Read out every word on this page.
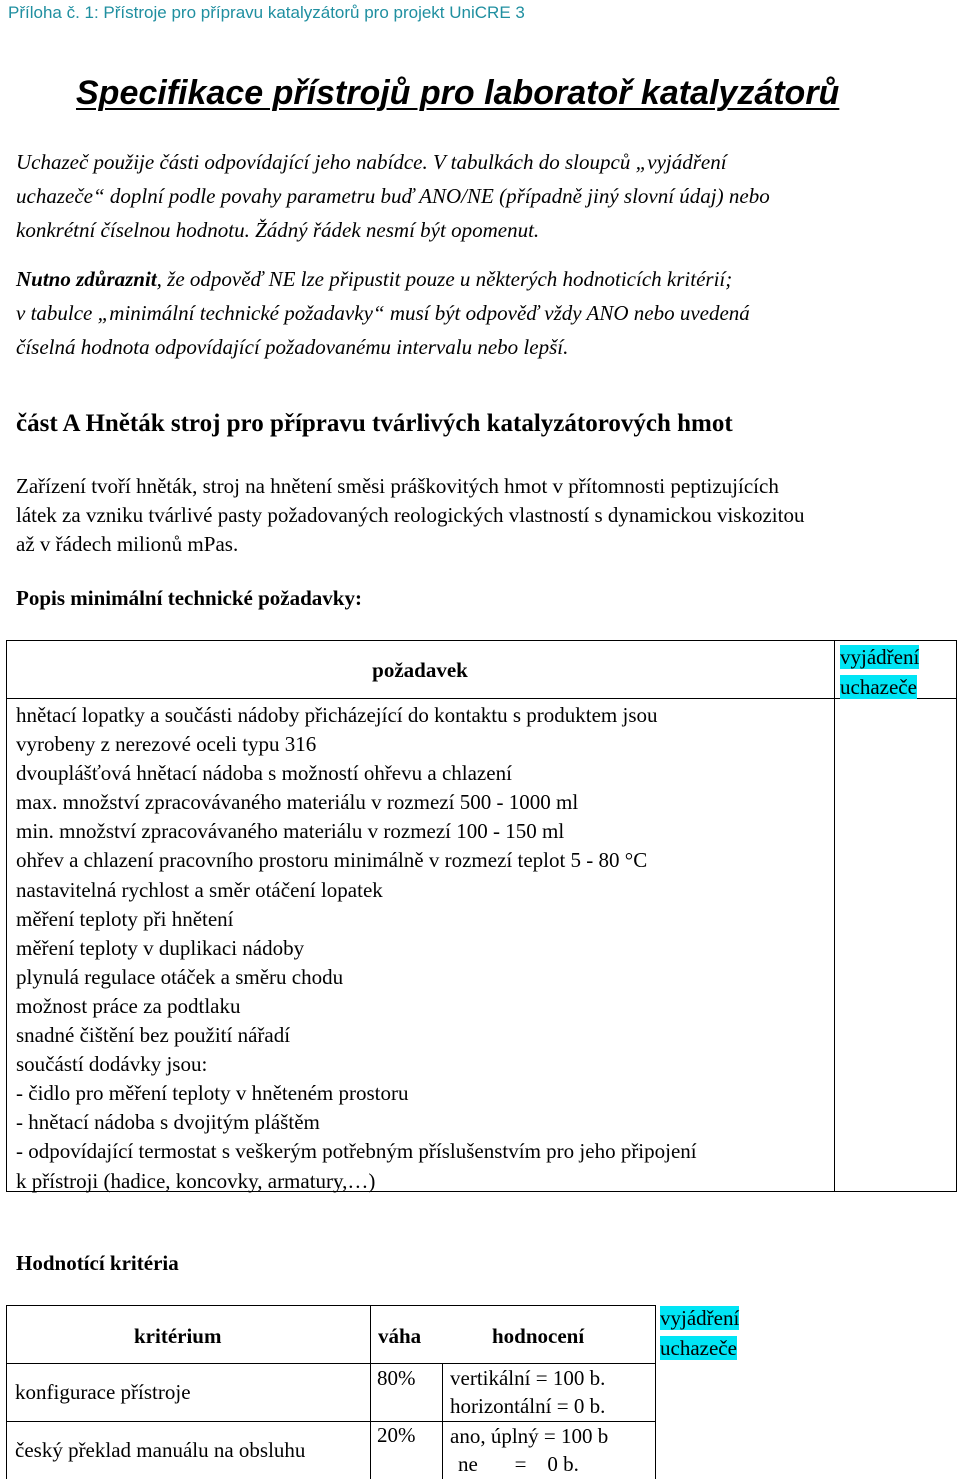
Příloha č. 1: Přístroje pro přípravu katalyzátorů pro projekt UniCRE 3
Specifikace přístrojů pro laboratoř katalyzátorů

Uchazeč použije části odpovídající jeho nabídce. V tabulkách do sloupců „vyjádření

uchazeče“ doplní podle povahy parametru buď ANO/NE (případně jiný slovní údaj) nebo

konkrétní číselnou hodnotu. Žádný řádek nesmí být opomenut.

Nutno zdůraznit, že odpověď NE lze připustit pouze u některých hodnoticích kritérií;

v tabulce „minimální technické požadavky“ musí být odpověď vždy ANO nebo uvedená

číselná hodnota odpovídající požadovanému intervalu nebo lepší.

část A Hněták stroj pro přípravu tvárlivých katalyzátorových hmot

Zařízení tvoří hněták, stroj na hnětení směsi práškovitých hmot v přítomnosti peptizujících

látek za vzniku tvárlivé pasty požadovaných reologických vlastností s dynamickou viskozitou

až v řádech milionů mPas.

Popis minimální technické požadavky:
požadavek
vyjádření
uchazeče
hnětací lopatky a součásti nádoby přicházející do kontaktu s produktem jsou
vyrobeny z nerezové oceli typu 316
dvouplášťová hnětací nádoba s možností ohřevu a chlazení
max. množství zpracovávaného materiálu v rozmezí 500 - 1000 ml
min. množství zpracovávaného materiálu v rozmezí 100 - 150 ml
ohřev a chlazení pracovního prostoru minimálně v rozmezí teplot 5 - 80 °C
nastavitelná rychlost a směr otáčení lopatek
měření teploty při hnětení
měření teploty v duplikaci nádoby
plynulá regulace otáček a směru chodu
možnost práce za podtlaku
snadné čištění bez použití nářadí
součástí dodávky jsou:
- čidlo pro měření teploty v hněteném prostoru
- hnětací nádoba s dvojitým pláštěm
- odpovídající termostat s veškerým potřebným příslušenstvím pro jeho připojení
k přístroji (hadice, koncovky, armatury,…)
Hodnotící kritéria
kritérium	váha	hodnocení
konfigurace přístroje
80% vertikální = 100 b.
horizontální = 0 b.
český překlad manuálu na obsluhu
20% ano, úplný = 100 b
ne       =    0 b.
vyjádření
uchazeče
